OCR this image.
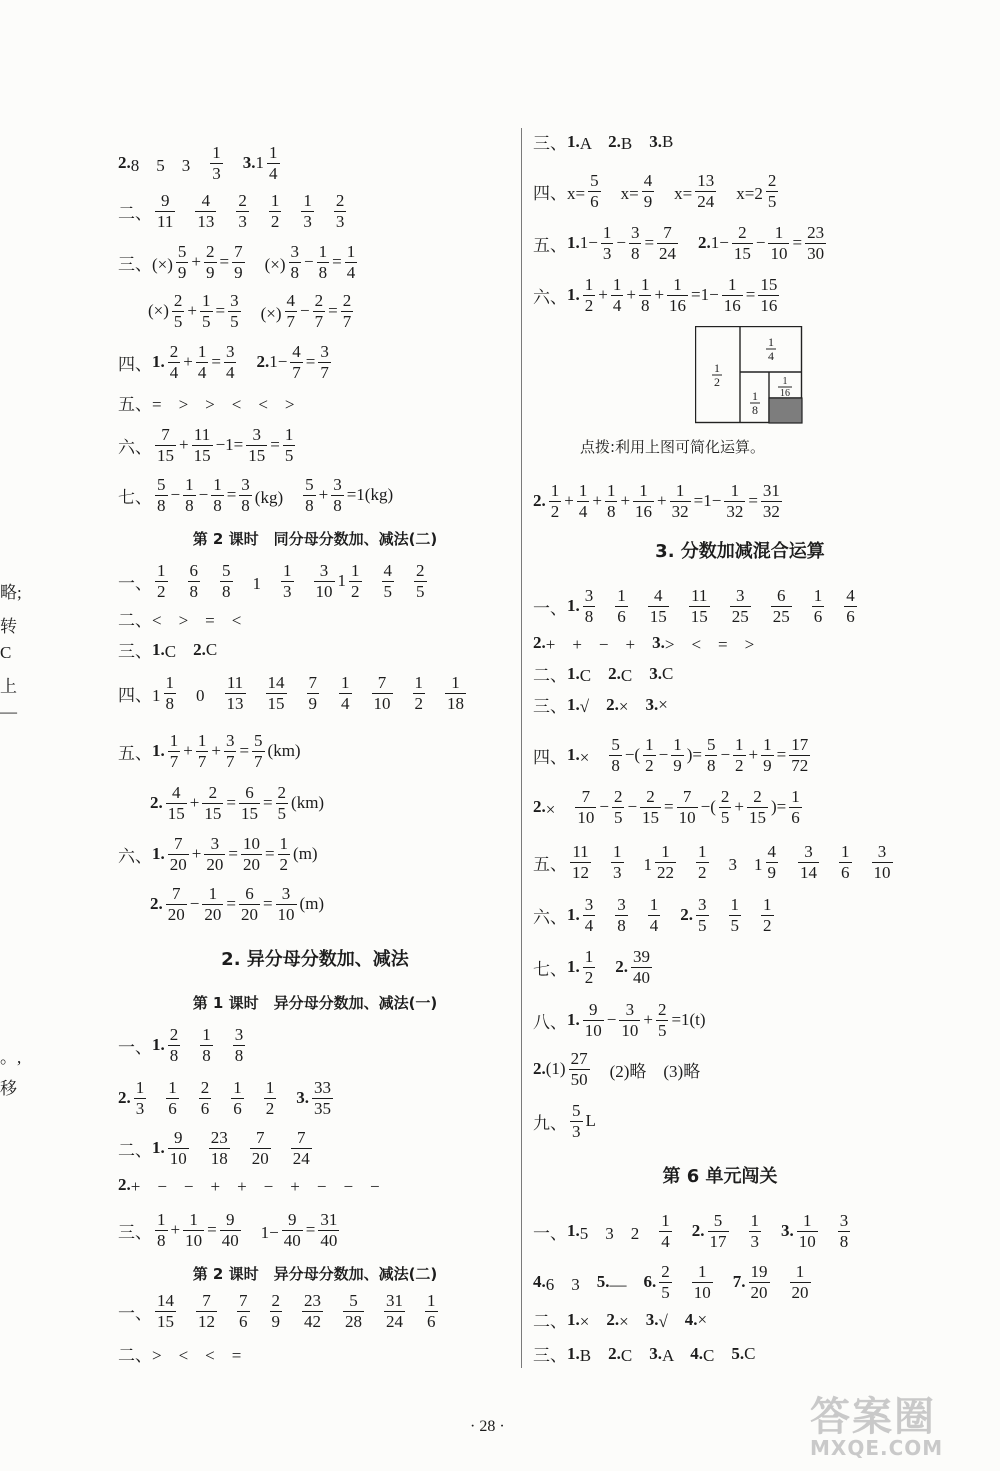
略;
转
C
上
—
。,
移
第 2 课时　同分母分数加、减法(二)
2. 异分母分数加、减法
第 1 课时　异分母分数加、减法(一)
第 2 课时　异分母分数加、减法(二)
3. 分数加减混合运算
第 6 单元闯关
1
2
1
4
1
8
1
16
点拨:利用上图可简化运算。
2. 8　5　3　 $\frac{1}{3}$
　 3. $1 \frac{1}{4}$
二、 $\frac{9}{11} \frac{4}{13} \frac{2}{3} \frac{1}{2} \frac{1}{3} \frac{2}{3}$
三、(×) $\frac{5}{9} + \frac{2}{9} = \frac{7}{9}$ 　(×) $\frac{3}{8} - \frac{1}{8} = \frac{1}{4}$
(×) $\frac{2}{5} + \frac{1}{5} = \frac{3}{5}$ 　(×) $\frac{4}{7} - \frac{2}{7} = \frac{2}{7}$
四、 1. $\frac{2}{4} + \frac{1}{4} = \frac{3}{4}$
　 2. $1- \frac{4}{7} = \frac{3}{7}$
五、=　>　>　<　<　>
六、 $\frac{7}{15} + \frac{11}{15} -1= \frac{3}{15} = \frac{1}{5}$
七、 $\frac{5}{8} - \frac{1}{8} - \frac{1}{8} = \frac{3}{8} (kg)$　 $\frac{5}{8} + \frac{3}{8} =1(kg)$
一、 $\frac{1}{2} \frac{6}{8} \frac{5}{8}$ 　1　 $\frac{1}{3} \frac{3}{10} 1 \frac{1}{2} \frac{4}{5} \frac{2}{5}$
二、<　>　=　<
三、 1. C　 2. C
四、$1 \frac{1}{8}$ 　0　 $\frac{11}{13} \frac{14}{15} \frac{7}{9} \frac{1}{4} \frac{7}{10} \frac{1}{2} \frac{1}{18}$
五、 1. $\frac{1}{7} + \frac{1}{7} + \frac{3}{7} = \frac{5}{7} (km)$
2. $\frac{4}{15} + \frac{2}{15} = \frac{6}{15} = \frac{2}{5} (km)$
六、 1. $\frac{7}{20} + \frac{3}{20} = \frac{10}{20} = \frac{1}{2} (m)$
2. $\frac{7}{20} - \frac{1}{20} = \frac{6}{20} = \frac{3}{10} (m)$
一、 1. $\frac{2}{8} \frac{1}{8} \frac{3}{8}$
2. $\frac{1}{3} \frac{1}{6} \frac{2}{6} \frac{1}{6} \frac{1}{2}$
　 3. $\frac{33}{35}$
二、 1. $\frac{9}{10} \frac{23}{18} \frac{7}{20} \frac{7}{24}$
2. +　−　−　+　+　−　+　−　−　−
三、 $\frac{1}{8} + \frac{1}{10} = \frac{9}{40}$ 　$1- \frac{9}{40} = \frac{31}{40}$
一、 $\frac{14}{15} \frac{7}{12} \frac{7}{6} \frac{2}{9} \frac{23}{42} \frac{5}{28} \frac{31}{24} \frac{1}{6}$
二、>　<　<　=
三、 1. A　 2. B　 3. B
四、$x= \frac{5}{6}$ 　$x= \frac{4}{9}$ 　$x= \frac{13}{24}$ 　$x=2 \frac{2}{5}$
五、 1. $1- \frac{1}{3} - \frac{3}{8} = \frac{7}{24}$
　 2. $1- \frac{2}{15} - \frac{1}{10} = \frac{23}{30}$
六、 1. $\frac{1}{2} + \frac{1}{4} + \frac{1}{8} + \frac{1}{16} =1- \frac{1}{16} = \frac{15}{16}$
2. $\frac{1}{2} + \frac{1}{4} + \frac{1}{8} + \frac{1}{16} + \frac{1}{32} =1- \frac{1}{32} = \frac{31}{32}$
一、 1. $\frac{3}{8} \frac{1}{6} \frac{4}{15} \frac{11}{15} \frac{3}{25} \frac{6}{25} \frac{1}{6} \frac{4}{6}$
2. +　+　−　+　 3. >　<　=　>
二、 1. C　 2. C　 3. C
三、 1. √　 2. ×　 3. ×
四、 1. ×　 $\frac{5}{8}$ −( $\frac{1}{2} - \frac{1}{9}$ )= $\frac{5}{8} - \frac{1}{2} + \frac{1}{9} = \frac{17}{72}$
2. ×　 $\frac{7}{10} - \frac{2}{5} - \frac{2}{15} = \frac{7}{10}$ −( $\frac{2}{5} + \frac{2}{15}$ )= $\frac{1}{6}$
五、 $\frac{11}{12} \frac{1}{3}$ 　$1 \frac{1}{22} \frac{1}{2}$ 　3　$1 \frac{4}{9} \frac{3}{14} \frac{1}{6} \frac{3}{10}$
六、 1. $\frac{3}{4} \frac{3}{8} \frac{1}{4}$
　 2. $\frac{3}{5} \frac{1}{5} \frac{1}{2}$
七、 1. $\frac{1}{2}$
　 2. $\frac{39}{40}$
八、 1. $\frac{9}{10} - \frac{3}{10} + \frac{2}{5} =1(t)$
2. $(1) \frac{27}{50}$ 　(2)略　(3)略
九、 $\frac{5}{3}$ L
一、 1. 5　3　2　 $\frac{1}{4}$
　 2. $\frac{5}{17} \frac{1}{3}$
　 3. $\frac{1}{10} \frac{3}{8}$
4. 6　3　 5. —　 6. $\frac{2}{5} \frac{1}{10}$
　 7. $\frac{19}{20} \frac{1}{20}$
二、 1. ×　 2. ×　 3. √　 4. ×
三、 1. B　 2. C　 3. A　 4. C　 5. C
· 28 ·	答案圈
MXQE.COM
